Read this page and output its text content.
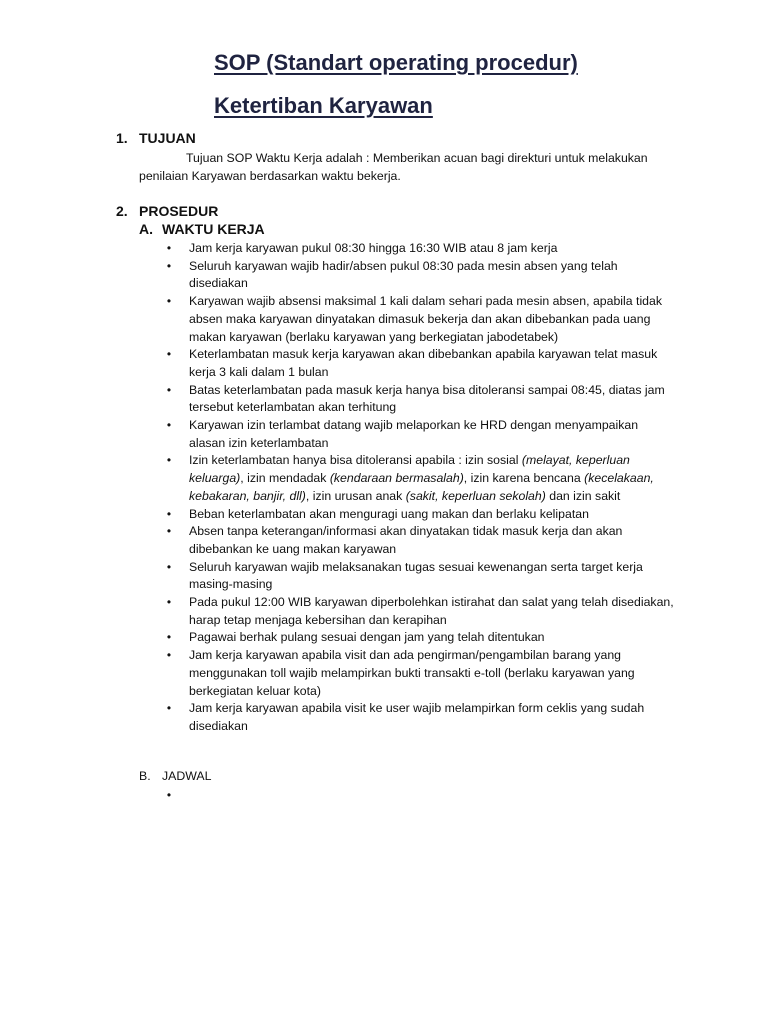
SOP (Standart operating procedur)
Ketertiban Karyawan
1. TUJUAN

Tujuan SOP Waktu Kerja adalah : Memberikan acuan bagi direkturi untuk melakukan penilaian Karyawan berdasarkan waktu bekerja.

2. PROSEDUR
A. WAKTU KERJA
•	Jam kerja karyawan pukul 08:30 hingga 16:30 WIB atau 8 jam kerja
•	Seluruh karyawan wajib hadir/absen pukul 08:30 pada mesin absen yang telah disediakan
•	Karyawan wajib absensi maksimal 1 kali dalam sehari pada mesin absen, apabila tidak absen maka karyawan dinyatakan dimasuk bekerja dan akan dibebankan pada uang makan karyawan (berlaku karyawan yang berkegiatan jabodetabek)
•	Keterlambatan masuk kerja karyawan akan dibebankan apabila karyawan telat masuk kerja 3 kali dalam 1 bulan
•	Batas keterlambatan pada masuk kerja hanya bisa ditoleransi sampai 08:45, diatas jam tersebut keterlambatan akan terhitung
•	Karyawan izin terlambat datang wajib melaporkan ke HRD dengan menyampaikan alasan izin keterlambatan
•	Izin keterlambatan hanya bisa ditoleransi apabila : izin sosial (melayat, keperluan keluarga), izin mendadak (kendaraan bermasalah), izin karena bencana (kecelakaan, kebakaran, banjir, dll), izin urusan anak (sakit, keperluan sekolah) dan izin sakit
•	Beban keterlambatan akan menguragi uang makan dan berlaku kelipatan
•	Absen tanpa keterangan/informasi akan dinyatakan tidak masuk kerja dan akan dibebankan ke uang makan karyawan
•	Seluruh karyawan wajib melaksanakan tugas sesuai kewenangan serta target kerja masing-masing
•	Pada pukul 12:00 WIB karyawan diperbolehkan istirahat dan salat yang telah disediakan, harap tetap menjaga kebersihan dan kerapihan
•	Pagawai berhak pulang sesuai dengan jam yang telah ditentukan
•	Jam kerja karyawan apabila visit dan ada pengirman/pengambilan barang yang menggunakan toll wajib melampirkan bukti transakti e-toll (berlaku karyawan yang berkegiatan keluar kota)
•	Jam kerja karyawan apabila visit ke user wajib melampirkan form ceklis yang sudah disediakan
B. JADWAL
•
